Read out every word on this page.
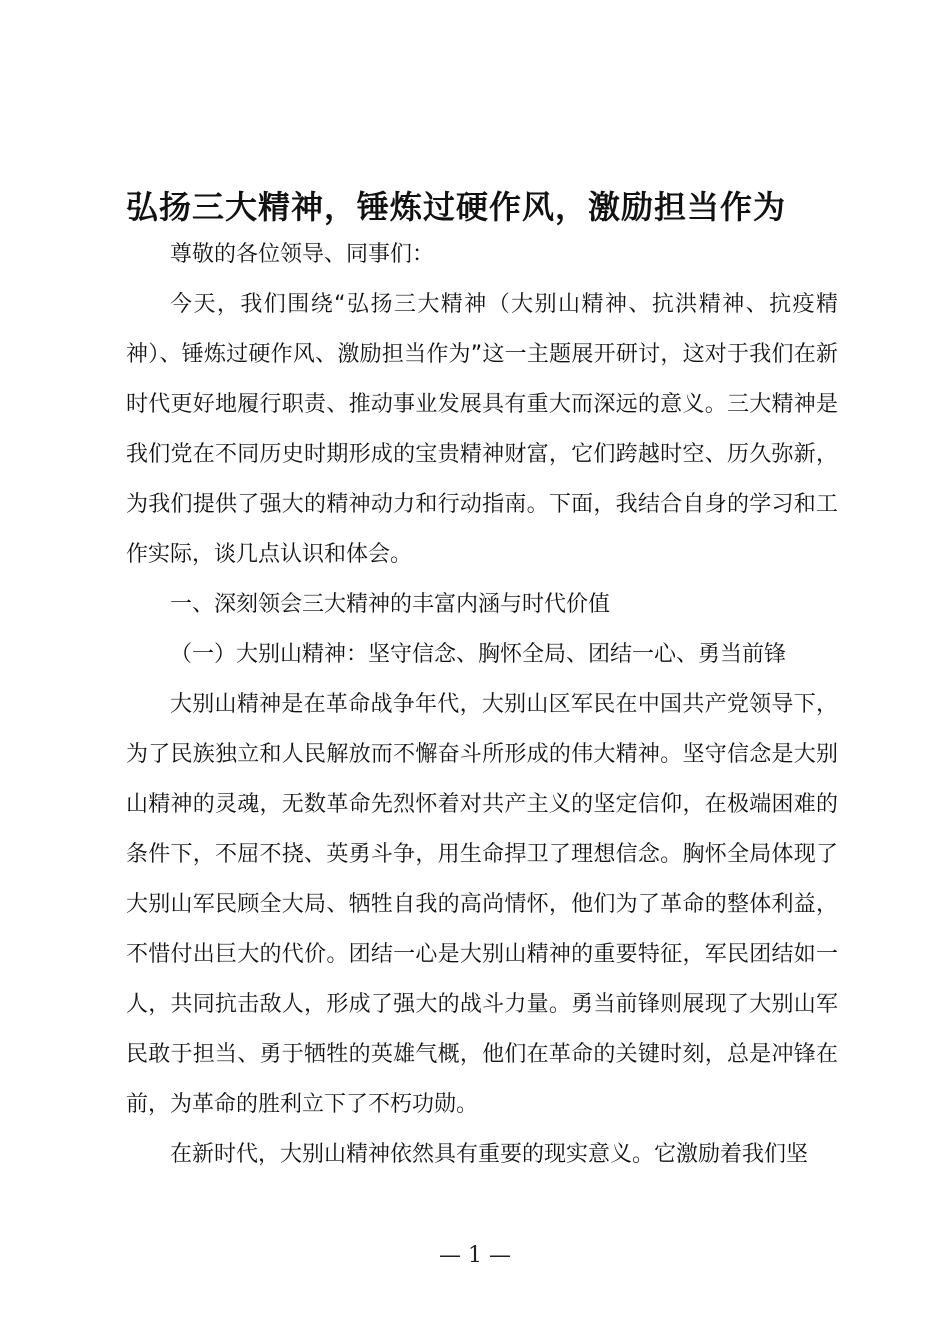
弘扬三大精神，锤炼过硬作风，激励担当作为

尊敬的各位领导、同事们：

今天，我们围绕“弘扬三大精神（大别山精神、抗洪精神、抗疫精神）、锤炼过硬作风、激励担当作为”这一主题展开研讨，这对于我们在新时代更好地履行职责、推动事业发展具有重大而深远的意义。三大精神是我们党在不同历史时期形成的宝贵精神财富，它们跨越时空、历久弥新，为我们提供了强大的精神动力和行动指南。下面，我结合自身的学习和工作实际，谈几点认识和体会。

一、深刻领会三大精神的丰富内涵与时代价值

（一）大别山精神：坚守信念、胸怀全局、团结一心、勇当前锋

大别山精神是在革命战争年代，大别山区军民在中国共产党领导下，为了民族独立和人民解放而不懈奋斗所形成的伟大精神。坚守信念是大别山精神的灵魂，无数革命先烈怀着对共产主义的坚定信仰，在极端困难的条件下，不屈不挠、英勇斗争，用生命捍卫了理想信念。胸怀全局体现了大别山军民顾全大局、牺牲自我的高尚情怀，他们为了革命的整体利益，不惜付出巨大的代价。团结一心是大别山精神的重要特征，军民团结如一人，共同抗击敌人，形成了强大的战斗力量。勇当前锋则展现了大别山军民敢于担当、勇于牺牲的英雄气概，他们在革命的关键时刻，总是冲锋在前，为革命的胜利立下了不朽功勋。

在新时代，大别山精神依然具有重要的现实意义。它激励着我们坚

— 1 —
